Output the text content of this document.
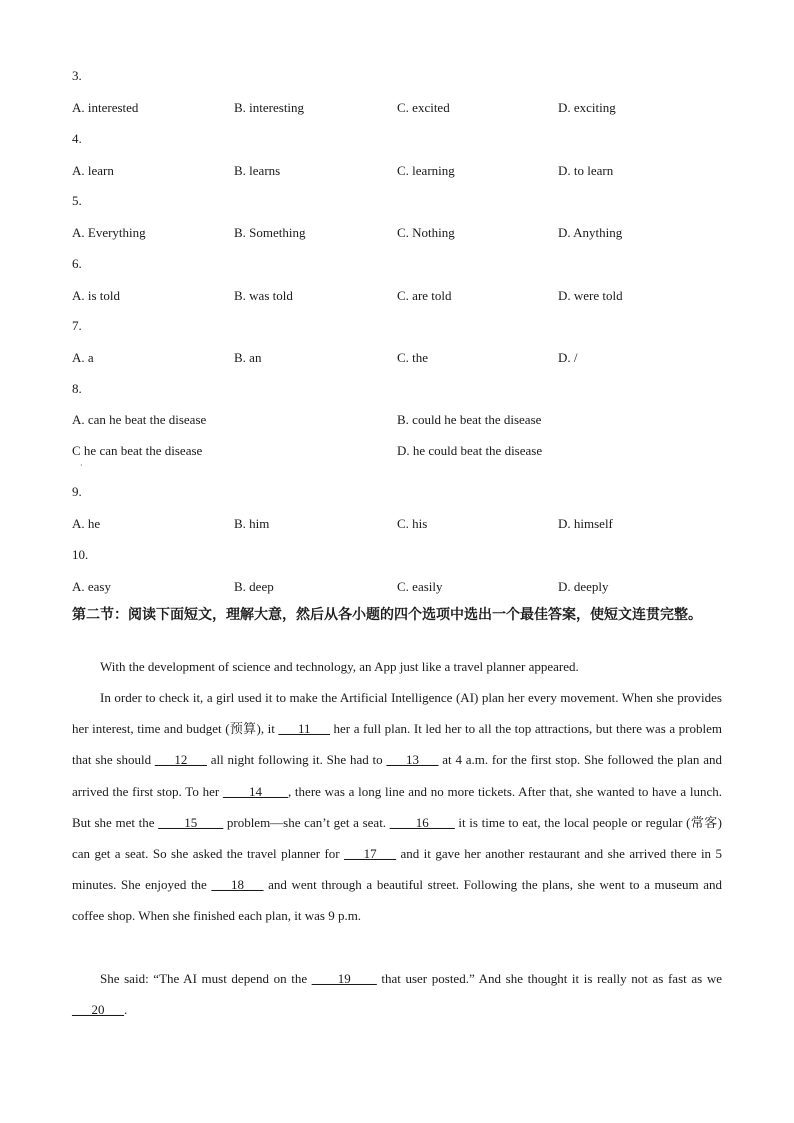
3.
A. interested	B. interesting	C. excited	D. exciting
4.
A. learn	B. learns	C. learning	D. to learn
5.
A. Everything	B. Something	C. Nothing	D. Anything
6.
A. is told	B. was told	C. are told	D. were told
7.
A. a	B. an	C. the	D. /
8.
A. can he beat the disease	B. could he beat the disease
C he can beat the disease	D. he could beat the disease
·
9.
A. he	B. him	C. his	D. himself
10.
A. easy	B. deep	C. easily	D. deeply
第二节：阅读下面短文，理解大意，然后从各小题的四个选项中选出一个最佳答案，使短文连贯完整。
With the development of science and technology, an App just like a travel planner appeared.
In order to check it, a girl used it to make the Artificial Intelligence (AI) plan her every movement. When she provides her interest, time and budget (预算), it ___11___ her a full plan. It led her to all the top attractions, but there was a problem that she should ___12___ all night following it. She had to ___13___ at 4 a.m. for the first stop. She followed the plan and arrived the first stop. To her ____14____, there was a long line and no more tickets. After that, she wanted to have a lunch. But she met the ____15____ problem—she can’t get a seat. ____16____ it is time to eat, the local people or regular (常客) can get a seat. So she asked the travel planner for ___17___ and it gave her another restaurant and she arrived there in 5 minutes. She enjoyed the ___18___ and went through a beautiful street. Following the plans, she went to a museum and coffee shop. When she finished each plan, it was 9 p.m.
She said: “The AI must depend on the ____19____ that user posted.” And she thought it is really not as fast as we ___20___.
